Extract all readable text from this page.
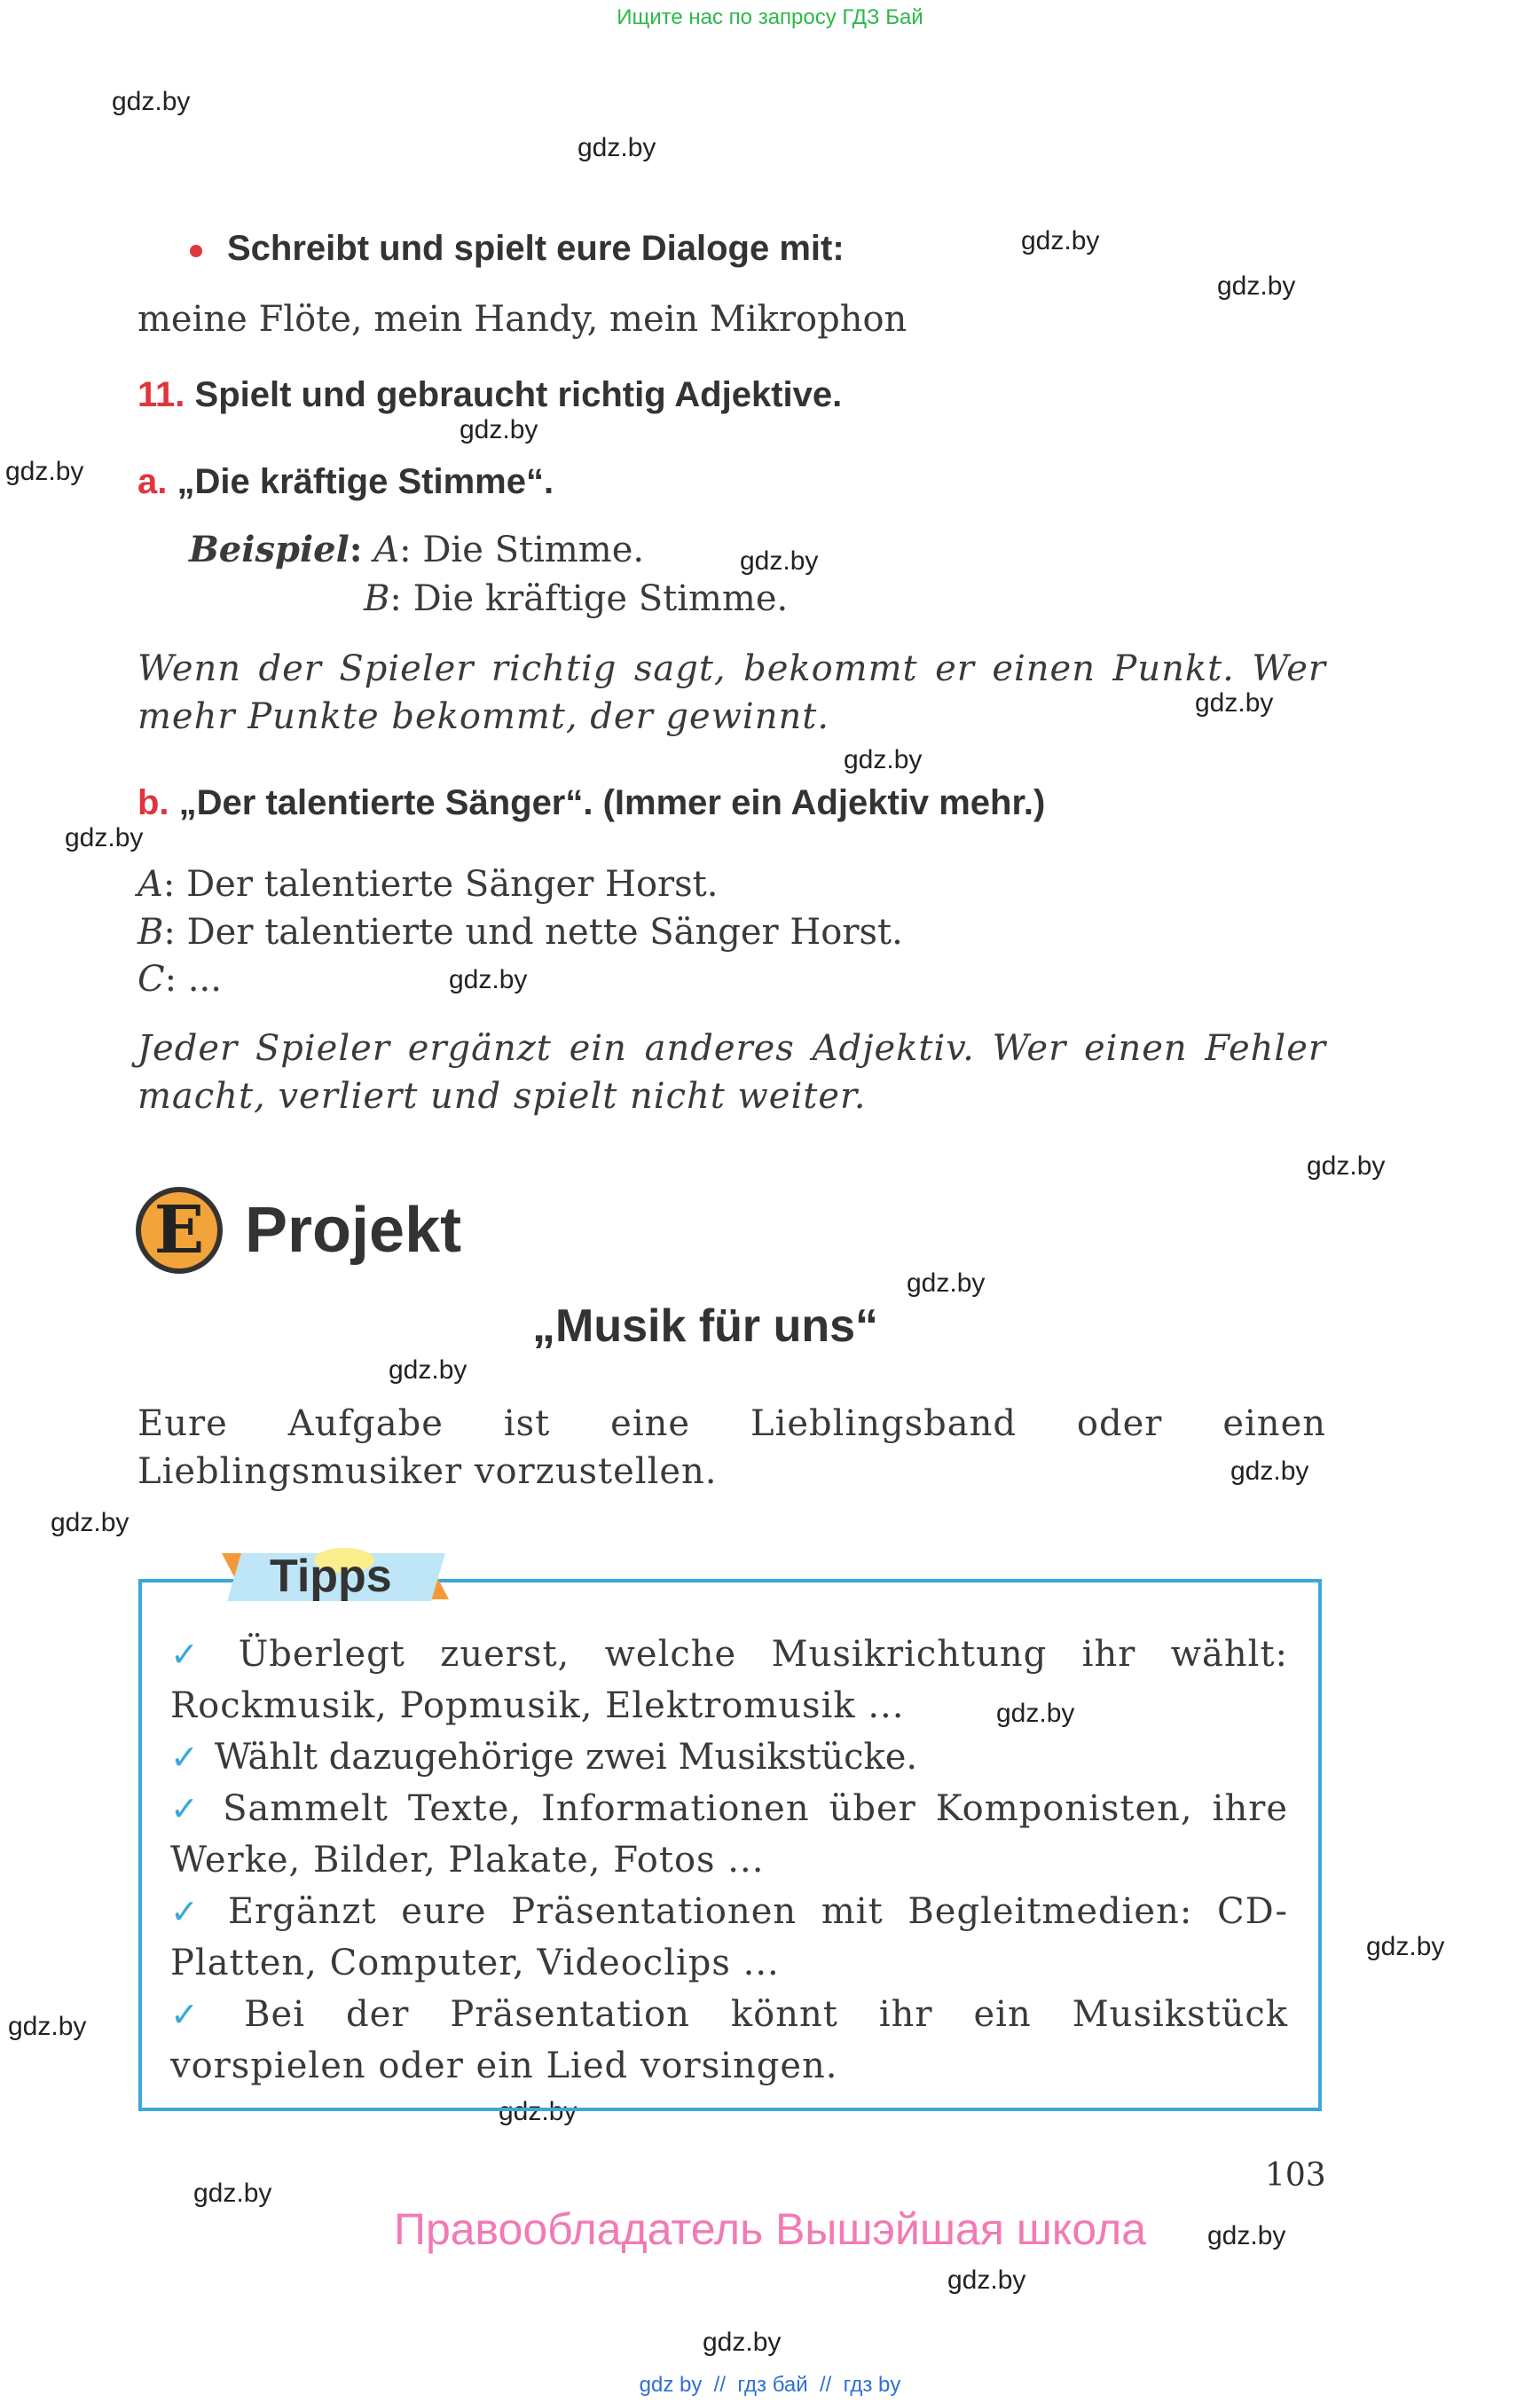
Ищите нас по запросу ГДЗ Бай
gdz.by
gdz.by
gdz.by
gdz.by
gdz.by
gdz.by
gdz.by
gdz.by
gdz.by
gdz.by
gdz.by
gdz.by
gdz.by
gdz.by
gdz.by
gdz.by
gdz.by
gdz.by
gdz.by
gdz.by
gdz.by
gdz.by
gdz.by
gdz.by
Schreibt und spielt eure Dialoge mit:
meine Flöte, mein Handy, mein Mikrophon
11. Spielt und gebraucht richtig Adjektive.
a. „Die kräftige Stimme“.
Beispiel: A: Die Stimme.
B: Die kräftige Stimme.
Wenn der Spieler richtig sagt, bekommt er einen Punkt. Wer mehr Punkte bekommt, der gewinnt.
b. „Der talentierte Sänger“. (Immer ein Adjektiv mehr.)
A: Der talentierte Sänger Horst.
B: Der talentierte und nette Sänger Horst.
C: ...
Jeder Spieler ergänzt ein anderes Adjektiv. Wer einen Fehler macht, verliert und spielt nicht weiter.
E Projekt
„Musik für uns“
Eure Aufgabe ist eine Lieblingsband oder einen Lieblingsmusiker vorzustellen.
Tipps
✓ Überlegt zuerst, welche Musikrichtung ihr wählt: Rockmusik, Popmusik, Elektromusik ...
✓ Wählt dazugehörige zwei Musikstücke.
✓ Sammelt Texte, Informationen über Komponisten, ihre Werke, Bilder, Plakate, Fotos ...
✓ Ergänzt eure Präsentationen mit Begleitmedien: CD-Platten, Computer, Videoclips ...
✓ Bei der Präsentation könnt ihr ein Musikstück vorspielen oder ein Lied vorsingen.
103
Правообладатель Вышэйшая школа
gdz by  //  гдз бай  //  гдз by
